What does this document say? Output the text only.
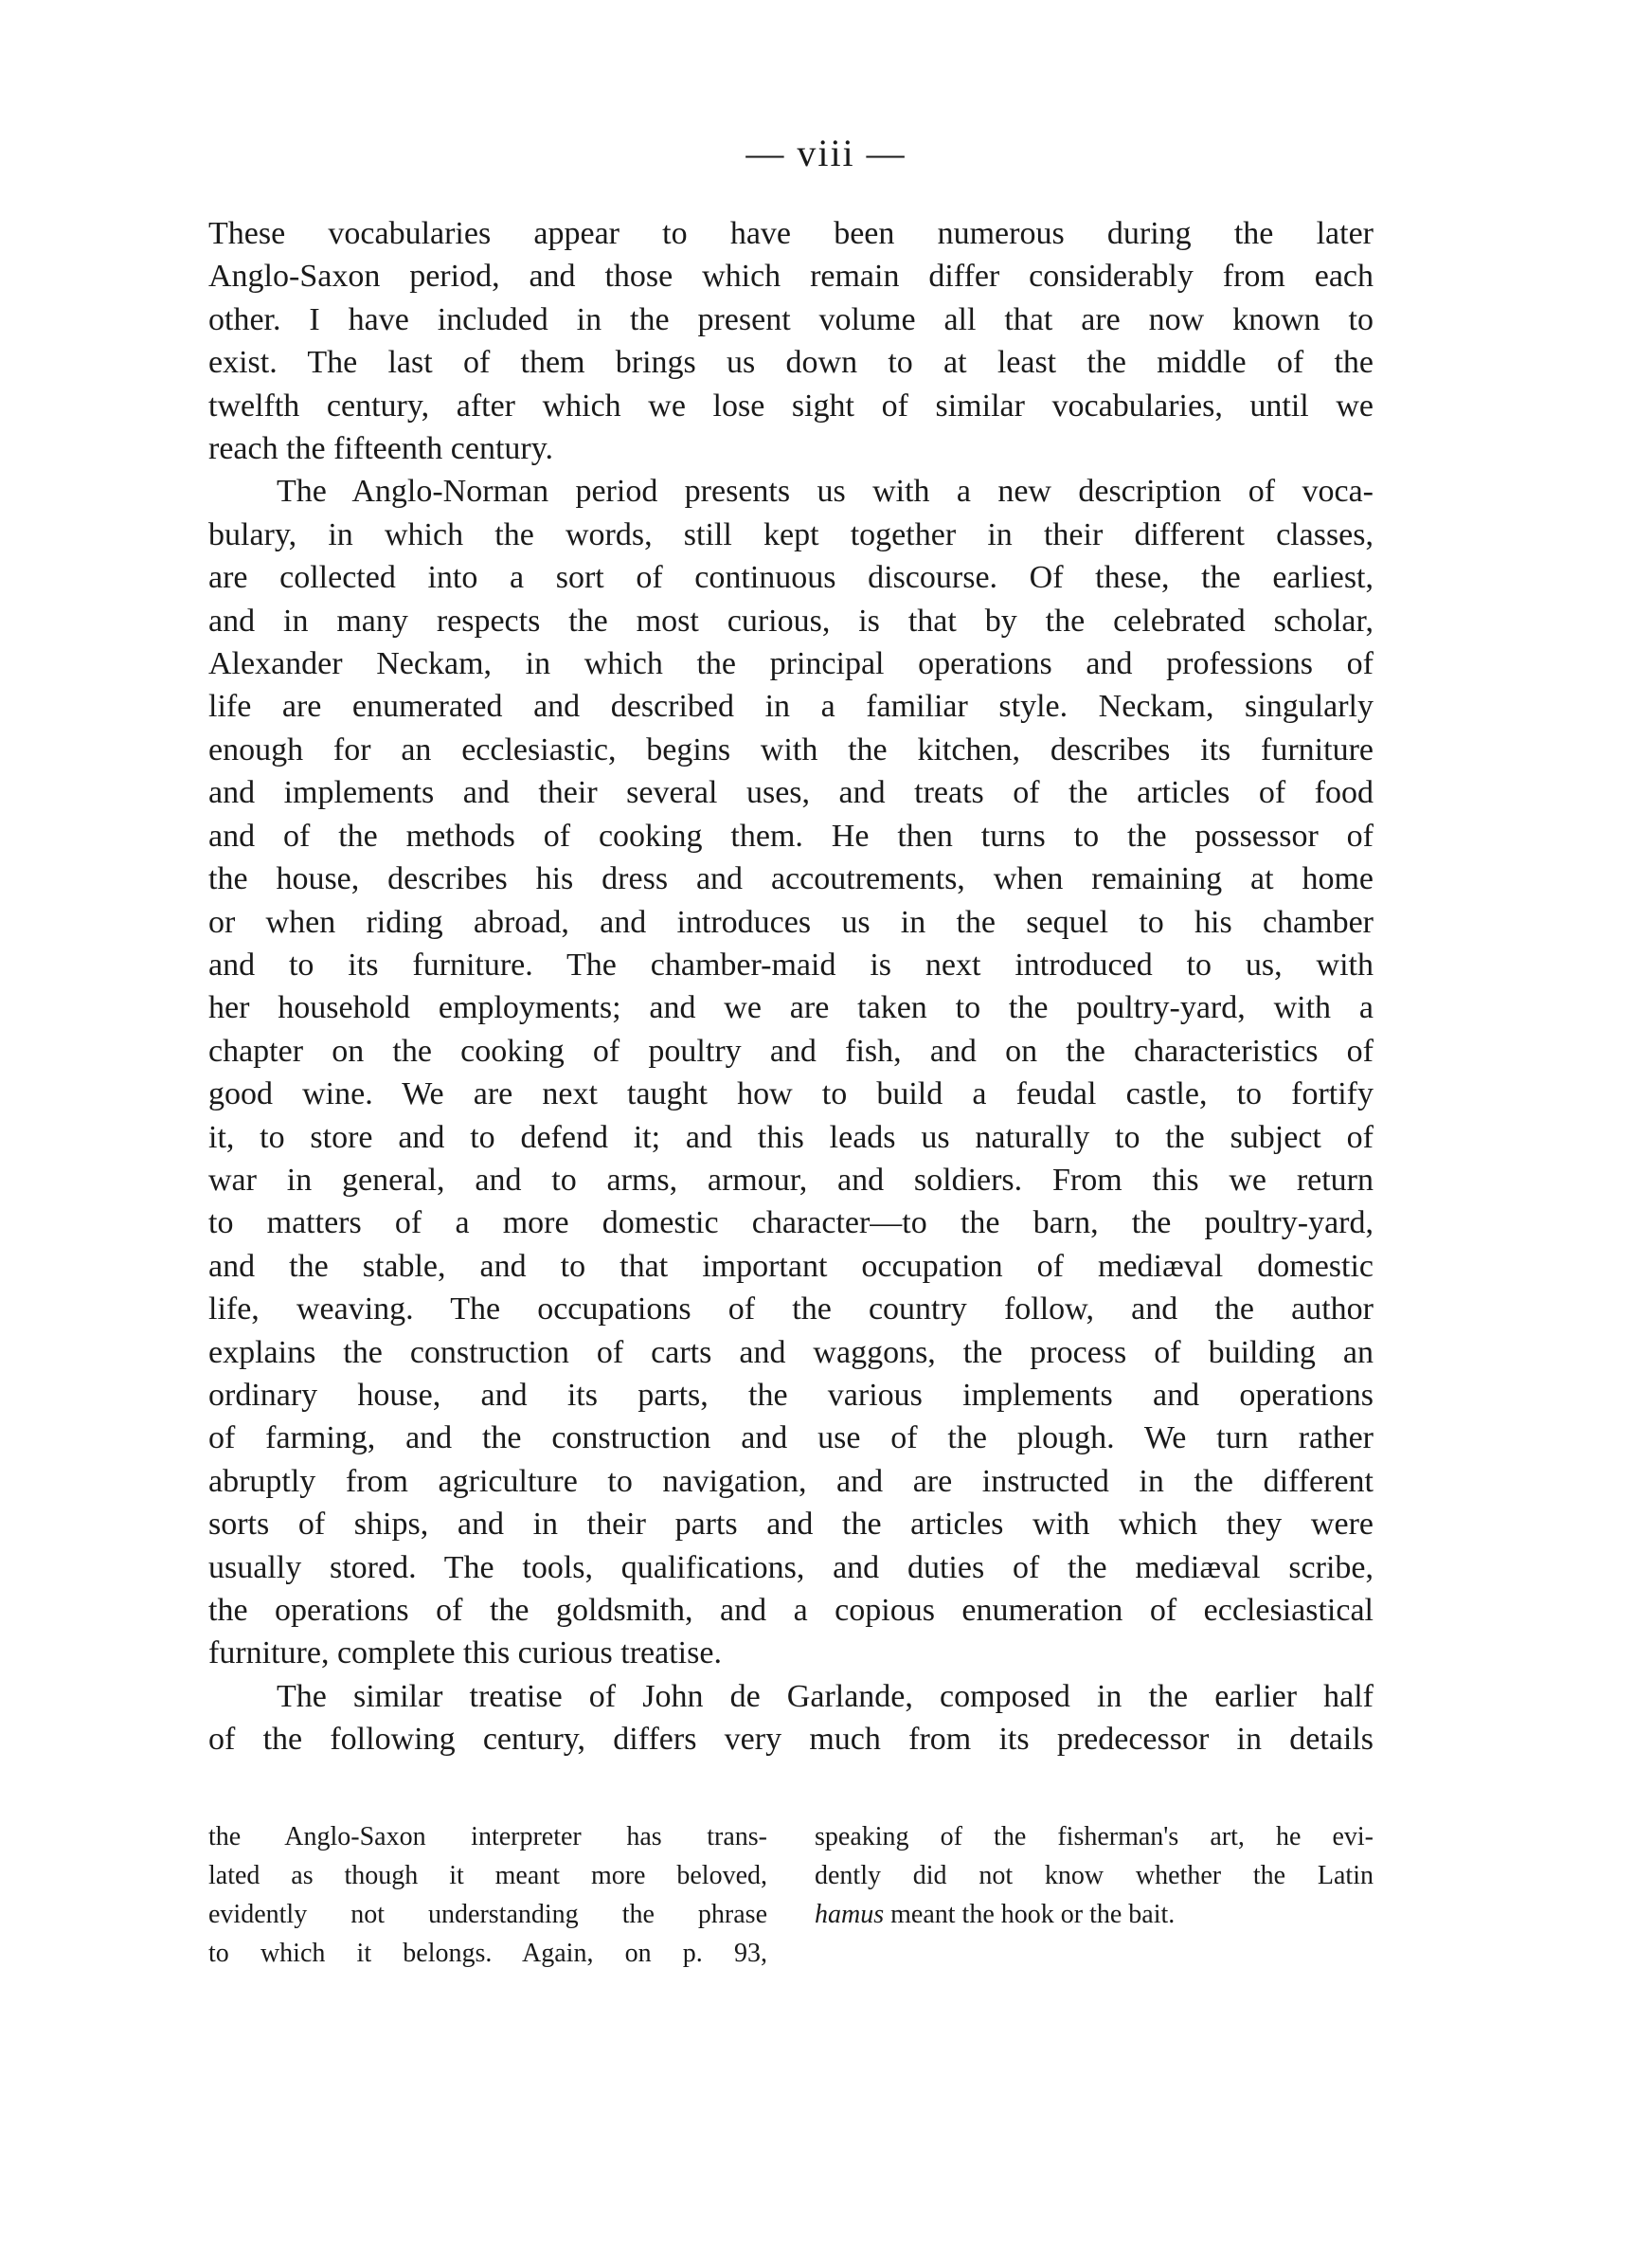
— viii —
These vocabularies appear to have been numerous during the later
Anglo-Saxon period, and those which remain differ considerably from each
other. I have included in the present volume all that are now known to
exist. The last of them brings us down to at least the middle of the
twelfth century, after which we lose sight of similar vocabularies, until we
reach the fifteenth century.
The Anglo-Norman period presents us with a new description of voca-
bulary, in which the words, still kept together in their different classes,
are collected into a sort of continuous discourse. Of these, the earliest,
and in many respects the most curious, is that by the celebrated scholar,
Alexander Neckam, in which the principal operations and professions of
life are enumerated and described in a familiar style. Neckam, singularly
enough for an ecclesiastic, begins with the kitchen, describes its furniture
and implements and their several uses, and treats of the articles of food
and of the methods of cooking them. He then turns to the possessor of
the house, describes his dress and accoutrements, when remaining at home
or when riding abroad, and introduces us in the sequel to his chamber
and to its furniture. The chamber-maid is next introduced to us, with
her household employments; and we are taken to the poultry-yard, with a
chapter on the cooking of poultry and fish, and on the characteristics of
good wine. We are next taught how to build a feudal castle, to fortify
it, to store and to defend it; and this leads us naturally to the subject of
war in general, and to arms, armour, and soldiers. From this we return
to matters of a more domestic character—to the barn, the poultry-yard,
and the stable, and to that important occupation of mediæval domestic
life, weaving. The occupations of the country follow, and the author
explains the construction of carts and waggons, the process of building an
ordinary house, and its parts, the various implements and operations
of farming, and the construction and use of the plough. We turn rather
abruptly from agriculture to navigation, and are instructed in the different
sorts of ships, and in their parts and the articles with which they were
usually stored. The tools, qualifications, and duties of the mediæval scribe,
the operations of the goldsmith, and a copious enumeration of ecclesiastical
furniture, complete this curious treatise.
The similar treatise of John de Garlande, composed in the earlier half
of the following century, differs very much from its predecessor in details
the Anglo-Saxon interpreter has trans-
lated as though it meant more beloved,
evidently not understanding the phrase
to which it belongs. Again, on p. 93,
speaking of the fisherman's art, he evi-
dently did not know whether the Latin
hamus meant the hook or the bait.
